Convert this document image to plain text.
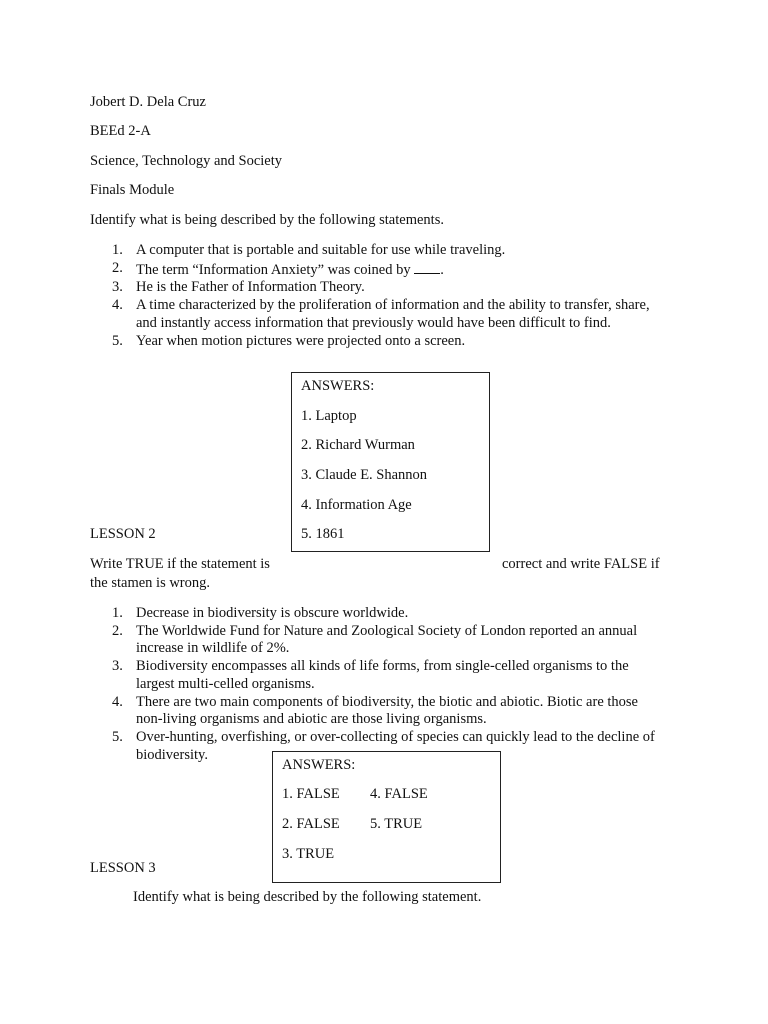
Jobert D. Dela Cruz
BEEd 2-A
Science, Technology and Society
Finals Module
Identify what is being described by the following statements.
1. A computer that is portable and suitable for use while traveling.
2. The term “Information Anxiety” was coined by .
3. He is the Father of Information Theory.
4. A time characterized by the proliferation of information and the ability to transfer, share,
and instantly access information that previously would have been difficult to find.
5. Year when motion pictures were projected onto a screen.
ANSWERS:
1. Laptop
2. Richard Wurman
3. Claude E. Shannon
4. Information Age
5. 1861
LESSON 2
Write TRUE if the statement is	correct and write FALSE if
the stamen is wrong.
1. Decrease in biodiversity is obscure worldwide.
2. The Worldwide Fund for Nature and Zoological Society of London reported an annual
increase in wildlife of 2%.
3. Biodiversity encompasses all kinds of life forms, from single-celled organisms to the
largest multi-celled organisms.
4. There are two main components of biodiversity, the biotic and abiotic. Biotic are those
non-living organisms and abiotic are those living organisms.
5. Over-hunting, overfishing, or over-collecting of species can quickly lead to the decline of
biodiversity.
ANSWERS:
1. FALSE 4. FALSE
2. FALSE 5. TRUE
3. TRUE
LESSON 3
Identify what is being described by the following statement.
